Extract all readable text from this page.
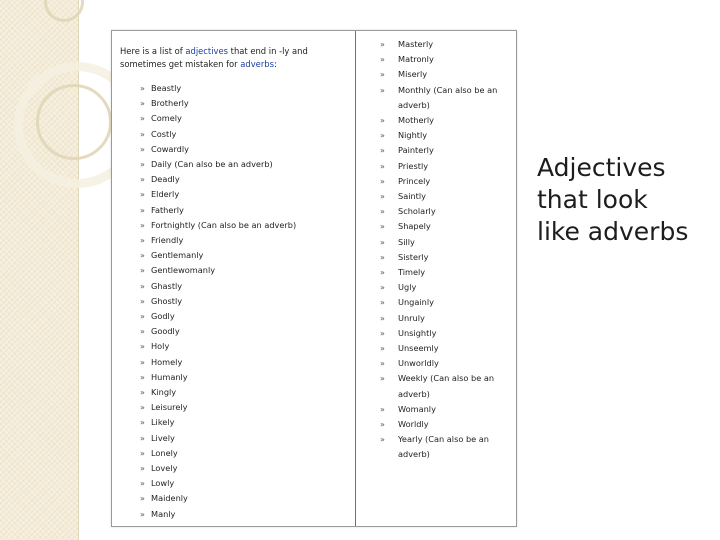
Here is a list of adjectives that end in -ly and sometimes get mistaken for adverbs:
» Beastly
» Brotherly
» Comely
» Costly
» Cowardly
» Daily (Can also be an adverb)
» Deadly
» Elderly
» Fatherly
» Fortnightly (Can also be an adverb)
» Friendly
» Gentlemanly
» Gentlewomanly
» Ghastly
» Ghostly
» Godly
» Goodly
» Holy
» Homely
» Humanly
» Kingly
» Leisurely
» Likely
» Lively
» Lonely
» Lovely
» Lowly
» Maidenly
» Manly
» Masterly
» Matronly
» Miserly
» Monthly (Can also be an adverb)
» Motherly
» Nightly
» Painterly
» Priestly
» Princely
» Saintly
» Scholarly
» Shapely
» Silly
» Sisterly
» Timely
» Ugly
» Ungainly
» Unruly
» Unsightly
» Unseemly
» Unworldly
» Weekly (Can also be an adverb)
» Womanly
» Worldly
» Yearly (Can also be an adverb)
Adjectives
that look
like adverbs
